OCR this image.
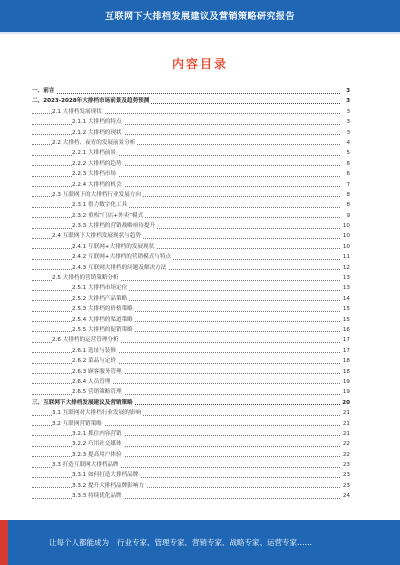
互联网下大排档发展建议及营销策略研究报告
内容目录
一、前言	3
二、2023-2028年大排档市场前景及趋势预测	3
2.1 大排档发展现状	3
2.1.1 大排档的特点	3
2.1.2 大排档的现状	3
2.2 大排档、夜宵的发展前景分析	4
2.2.1 大排档前景	5
2.2.2 大排档的趋势	6
2.2.3 大排档市场	6
2.2.4 大排档的机会	7
2.3 互联网下的大排档行业发展方向	8
2.3.1 借力数字化工具	8
2.3.2 重构“门店+外卖”模式	9
2.3.3 大排档的营销战略亟待提升	10
2.4 互联网下大排档发展现状与趋势	10
2.4.1 互联网+大排档的发展现状	10
2.4.2 互联网+大排档的营销模式与特点	11
2.4.3 互联网大排档的问题及解决方法	12
2.5 大排档的营销策略分析	13
2.5.1 大排档市场定位	13
2.5.2 大排档产品策略	14
2.5.3 大排档的价格策略	15
2.5.4 大排档的渠道策略	15
2.5.5 大排档的促销策略	16
2.6 大排档的运营管理分析	17
2.6.1 选址与装修	17
2.6.2 菜品与定价	18
2.6.3 顾客服务管理	18
2.6.4 人员管理	19
2.6.5 营销策略管理	19
三、互联网下大排档发展建议及营销策略	20
3.1 互联网对大排档行业发展的影响	21
3.2 互联网营销策略	21
3.2.1 抓住内容营销	21
3.2.2 巧用社交媒体	22
3.2.3 提高用户体验	22
3.3 打造互联网大排档品牌	23
3.3.1 如何打造大排档品牌	23
3.3.2 提升大排档品牌影响力	23
3.3.3 持续优化品牌	24
让每个人都能成为 行业专家、管理专家、营销专家、战略专家、运营专家……
